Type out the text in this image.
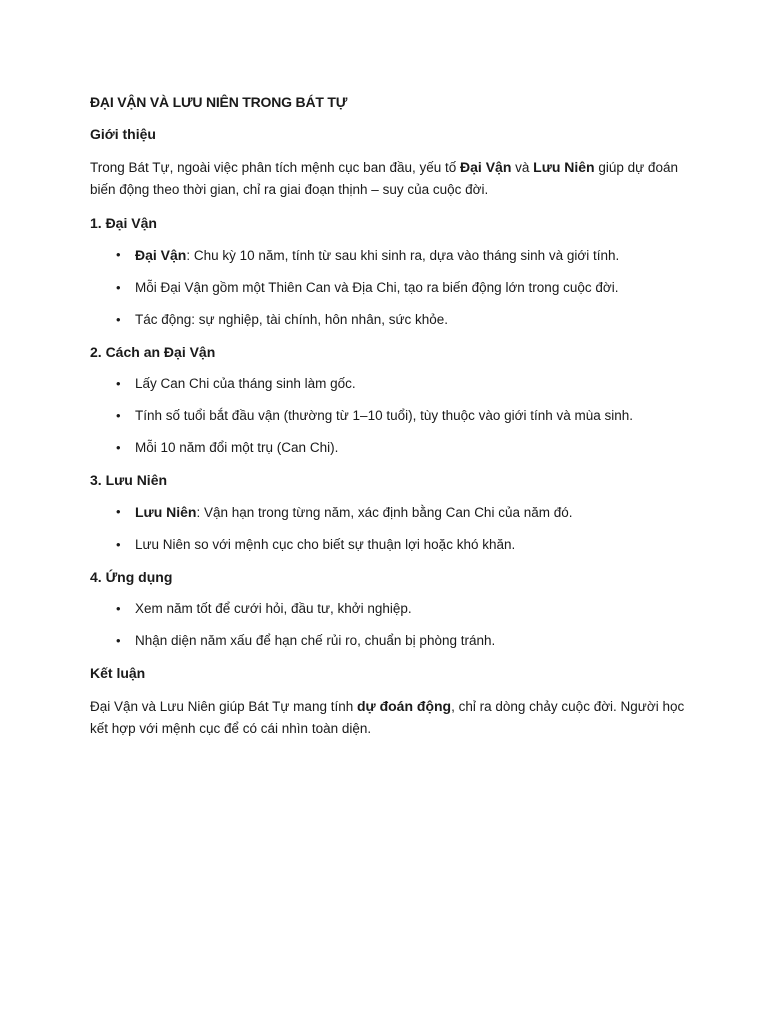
ĐẠI VẬN VÀ LƯU NIÊN TRONG BÁT TỰ
Giới thiệu

Trong Bát Tự, ngoài việc phân tích mệnh cục ban đầu, yếu tố Đại Vận và Lưu Niên giúp dự đoán biến động theo thời gian, chỉ ra giai đoạn thịnh – suy của cuộc đời.

1. Đại Vận
• Đại Vận: Chu kỳ 10 năm, tính từ sau khi sinh ra, dựa vào tháng sinh và giới tính.
• Mỗi Đại Vận gồm một Thiên Can và Địa Chi, tạo ra biến động lớn trong cuộc đời.
• Tác động: sự nghiệp, tài chính, hôn nhân, sức khỏe.
2. Cách an Đại Vận
• Lấy Can Chi của tháng sinh làm gốc.
• Tính số tuổi bắt đầu vận (thường từ 1–10 tuổi), tùy thuộc vào giới tính và mùa sinh.
• Mỗi 10 năm đổi một trụ (Can Chi).
3. Lưu Niên
• Lưu Niên: Vận hạn trong từng năm, xác định bằng Can Chi của năm đó.
• Lưu Niên so với mệnh cục cho biết sự thuận lợi hoặc khó khăn.
4. Ứng dụng
• Xem năm tốt để cưới hỏi, đầu tư, khởi nghiệp.
• Nhận diện năm xấu để hạn chế rủi ro, chuẩn bị phòng tránh.
Kết luận

Đại Vận và Lưu Niên giúp Bát Tự mang tính dự đoán động, chỉ ra dòng chảy cuộc đời. Người học kết hợp với mệnh cục để có cái nhìn toàn diện.
